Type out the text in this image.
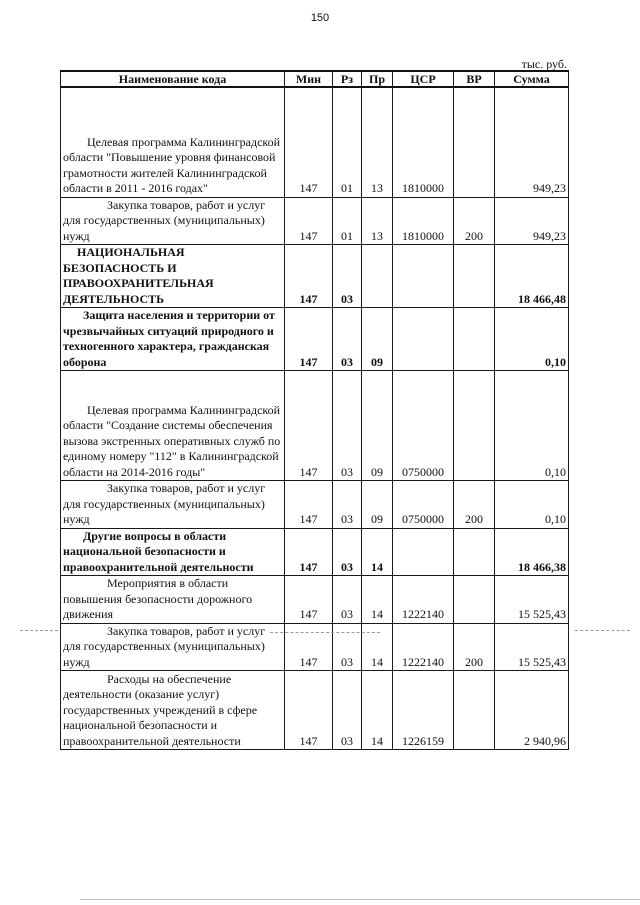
150
тыс. руб.
Наименование кода	Мин	Рз	Пр	ЦСР	ВР	Сумма
Целевая программа Калининградской области "Повышение уровня финансовой грамотности жителей Калининградской области в 2011 - 2016 годах"	147	01	13	1810000		949,23
Закупка товаров, работ и услуг для государственных (муниципальных) нужд	147	01	13	1810000	200	949,23
НАЦИОНАЛЬНАЯ БЕЗОПАСНОСТЬ И ПРАВООХРАНИТЕЛЬНАЯ ДЕЯТЕЛЬНОСТЬ	147	03				18 466,48
Защита населения и территории от чрезвычайных ситуаций природного и техногенного характера, гражданская оборона	147	03	09			0,10
Целевая программа Калининградской области "Создание системы обеспечения вызова экстренных оперативных служб по единому номеру "112" в Калининградской области на 2014-2016 годы"	147	03	09	0750000		0,10
Закупка товаров, работ и услуг для государственных (муниципальных) нужд	147	03	09	0750000	200	0,10
Другие вопросы в области национальной безопасности и правоохранительной деятельности	147	03	14			18 466,38
Мероприятия в области повышения безопасности дорожного движения	147	03	14	1222140		15 525,43
Закупка товаров, работ и услуг для государственных (муниципальных) нужд	147	03	14	1222140	200	15 525,43
Расходы на обеспечение деятельности (оказание услуг) государственных учреждений в сфере национальной безопасности и правоохранительной деятельности	147	03	14	1226159		2 940,96
